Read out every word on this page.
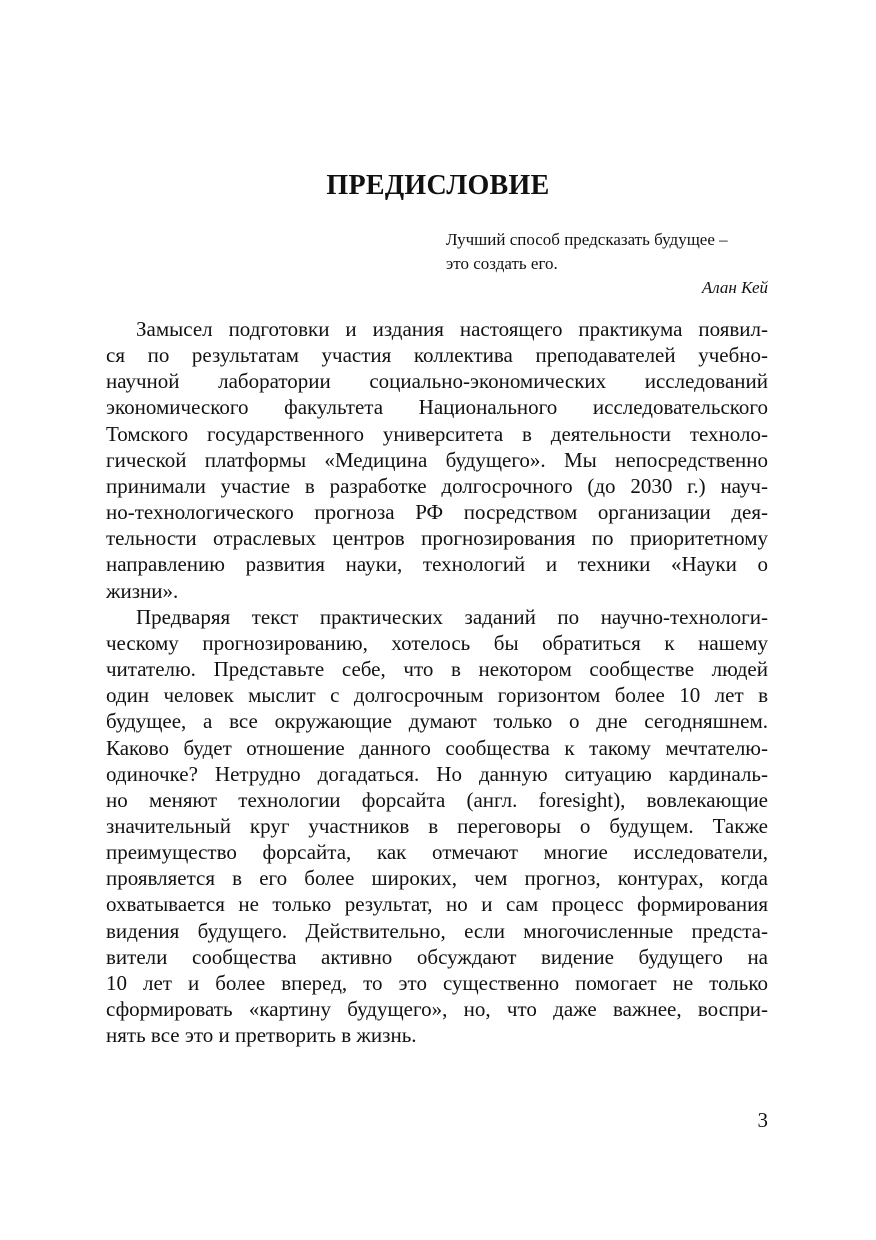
ПРЕДИСЛОВИЕ
Лучший способ предсказать будущее –
это создать его.
Алан Кей

Замысел подготовки и издания настоящего практикума появил-
ся по результатам участия коллектива преподавателей учебно-
научной лаборатории социально-экономических исследований
экономического факультета Национального исследовательского
Томского государственного университета в деятельности техноло-
гической платформы «Медицина будущего». Мы непосредственно
принимали участие в разработке долгосрочного (до 2030 г.) науч-
но-технологического прогноза РФ посредством организации дея-
тельности отраслевых центров прогнозирования по приоритетному
направлению развития науки, технологий и техники «Науки о
жизни».

Предваряя текст практических заданий по научно-технологи-
ческому прогнозированию, хотелось бы обратиться к нашему
читателю. Представьте себе, что в некотором сообществе людей
один человек мыслит с долгосрочным горизонтом более 10 лет в
будущее, а все окружающие думают только о дне сегодняшнем.
Каково будет отношение данного сообщества к такому мечтателю-
одиночке? Нетрудно догадаться. Но данную ситуацию кардиналь-
но меняют технологии форсайта (англ. foresight), вовлекающие
значительный круг участников в переговоры о будущем. Также
преимущество форсайта, как отмечают многие исследователи,
проявляется в его более широких, чем прогноз, контурах, когда
охватывается не только результат, но и сам процесс формирования
видения будущего. Действительно, если многочисленные предста-
вители сообщества активно обсуждают видение будущего на
10 лет и более вперед, то это существенно помогает не только
сформировать «картину будущего», но, что даже важнее, воспри-
нять все это и претворить в жизнь.

3
